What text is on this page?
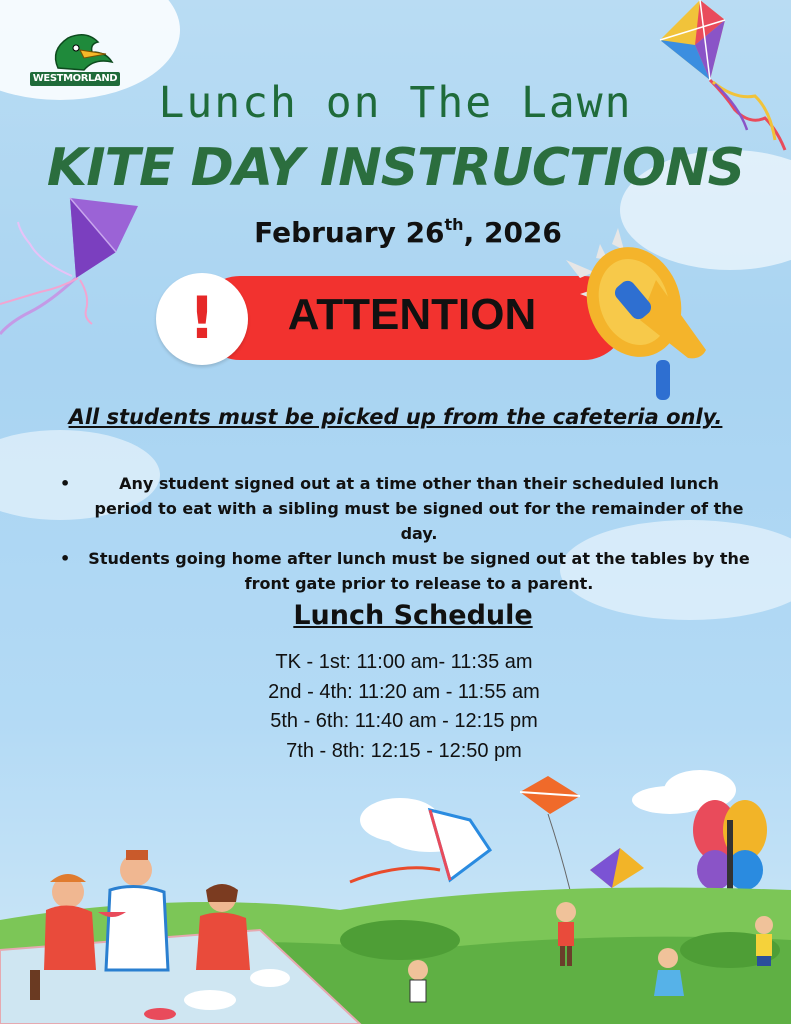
WESTMORLAND Lunch on The Lawn
KITE DAY INSTRUCTIONS
February 26th, 2026
!	ATTENTION
All students must be picked up from the cafeteria only.
•	Any student signed out at a time other than their scheduled lunch period to eat with a sibling must be signed out for the remainder of the day.
•	Students going home after lunch must be signed out at the tables by the front gate prior to release to a parent.
Lunch Schedule
TK - 1st: 11:00 am- 11:35 am
2nd - 4th: 11:20 am - 11:55 am
5th - 6th: 11:40 am - 12:15 pm
7th - 8th: 12:15 - 12:50 pm
